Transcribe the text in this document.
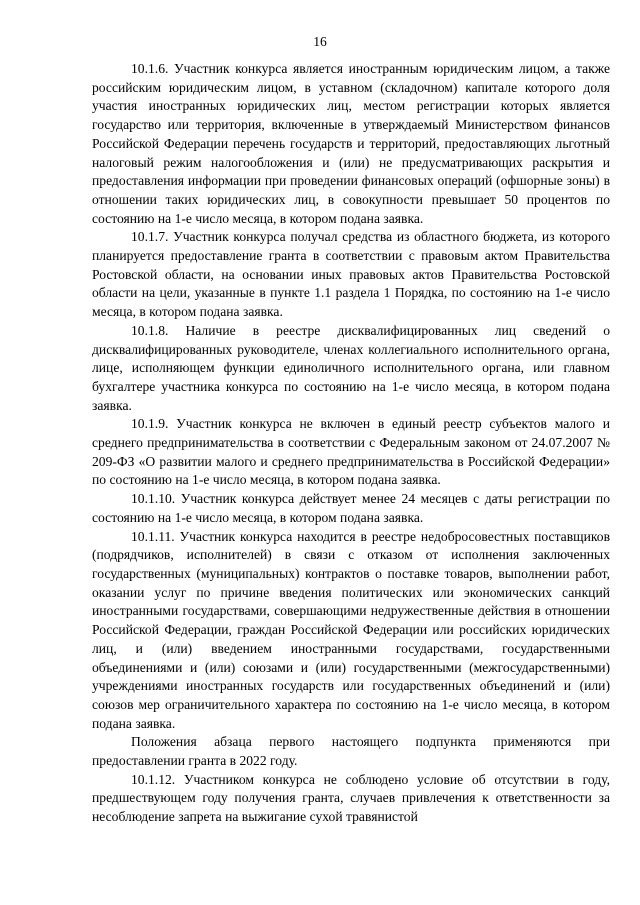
16

10.1.6. Участник конкурса является иностранным юридическим лицом, а также российским юридическим лицом, в уставном (складочном) капитале которого доля участия иностранных юридических лиц, местом регистрации которых является государство или территория, включенные в утверждаемый Министерством финансов Российской Федерации перечень государств и территорий, предоставляющих льготный налоговый режим налогообложения и (или) не предусматривающих раскрытия и предоставления информации при проведении финансовых операций (офшорные зоны) в отношении таких юридических лиц, в совокупности превышает 50 процентов по состоянию на 1-е число месяца, в котором подана заявка.

10.1.7. Участник конкурса получал средства из областного бюджета, из которого планируется предоставление гранта в соответствии с правовым актом Правительства Ростовской области, на основании иных правовых актов Правительства Ростовской области на цели, указанные в пункте 1.1 раздела 1 Порядка, по состоянию на 1-е число месяца, в котором подана заявка.

10.1.8. Наличие в реестре дисквалифицированных лиц сведений о дисквалифицированных руководителе, членах коллегиального исполнительного органа, лице, исполняющем функции единоличного исполнительного органа, или главном бухгалтере участника конкурса по состоянию на 1-е число месяца, в котором подана заявка.

10.1.9. Участник конкурса не включен в единый реестр субъектов малого и среднего предпринимательства в соответствии с Федеральным законом от 24.07.2007 № 209-ФЗ «О развитии малого и среднего предпринимательства в Российской Федерации» по состоянию на 1-е число месяца, в котором подана заявка.

10.1.10. Участник конкурса действует менее 24 месяцев с даты регистрации по состоянию на 1-е число месяца, в котором подана заявка.

10.1.11. Участник конкурса находится в реестре недобросовестных поставщиков (подрядчиков, исполнителей) в связи с отказом от исполнения заключенных государственных (муниципальных) контрактов о поставке товаров, выполнении работ, оказании услуг по причине введения политических или экономических санкций иностранными государствами, совершающими недружественные действия в отношении Российской Федерации, граждан Российской Федерации или российских юридических лиц, и (или) введением иностранными государствами, государственными объединениями и (или) союзами и (или) государственными (межгосударственными) учреждениями иностранных государств или государственных объединений и (или) союзов мер ограничительного характера по состоянию на 1-е число месяца, в котором подана заявка.

Положения абзаца первого настоящего подпункта применяются при предоставлении гранта в 2022 году.

10.1.12. Участником конкурса не соблюдено условие об отсутствии в году, предшествующем году получения гранта, случаев привлечения к ответственности за несоблюдение запрета на выжигание сухой травянистой
